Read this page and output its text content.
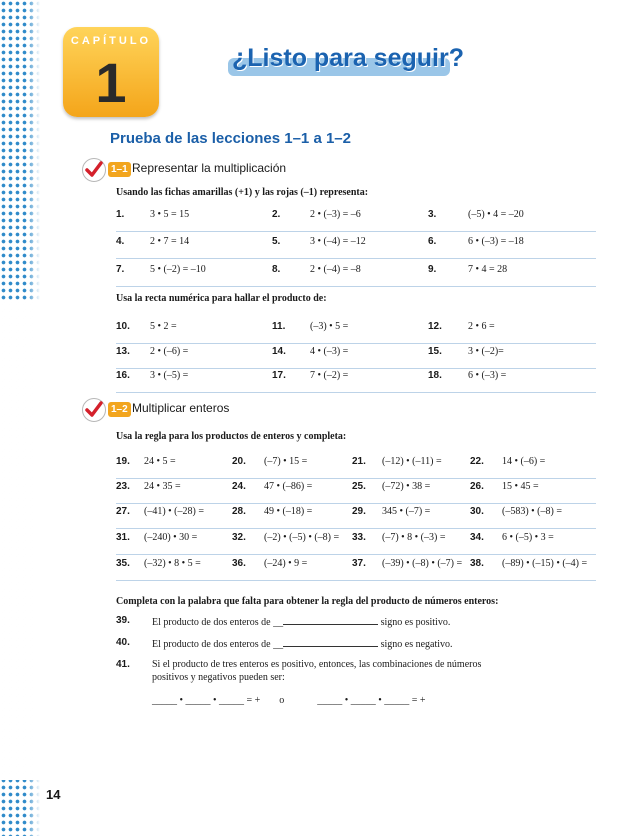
CAPÍTULO
1	¿Listo para seguir?
Prueba de las lecciones 1–1 a 1–2
1–1 Representar la multiplicación
Usando las fichas amarillas (+1) y las rojas (–1) representa:
1.	3 • 5 = 15	2.	2 • (–3) = –6	3.	(–5) • 4 = –20
4.	2 • 7 = 14	5.	3 • (–4) = –12	6.	6 • (–3) = –18
7.	5 • (–2) = –10	8.	2 • (–4) = –8	9.	7 • 4 = 28
10. 5 • 2 =	11. (–3) • 5 =	12.	2 • 6 =
13. 2 • (–6) =	14. 4 • (–3) =	15.	3 • (–2)=
16. 3 • (–5) =	17. 7 • (–2) =	18.	6 • (–3) =
Usa la recta numérica para hallar el producto de:
1–2 Multiplicar enteros
Usa la regla para los productos de enteros y completa:
19. 24 • 5 =	20. (–7) • 15 =	21. (–12) • (–11) =	22. 14 • (–6) =
23. 24 • 35 =	24. 47 • (–86) =	25. (–72) • 38 =	26. 15 • 45 =
27. (–41) • (–28) =	28. 49 • (–18) =	29. 345 • (–7) =	30. (–583) • (–8) =
31. (–240) • 30 =	32. (–2) • (–5) • (–8) = 33. (–7) • 8 • (–3) = 34. 6 • (–5) • 3 =
35. (–32) • 8 • 5 =	36. (–24) • 9 =	37. (–39) • (–8) • (–7) = 38. (–89) • (–15) • (–4) =
Completa con la palabra que falta para obtener la regla del producto de números enteros:
39. El producto de dos enteros de __	signo es positivo.
40. El producto de dos enteros de __	signo es negativo.
41. Si el producto de tres enteros es positivo, entonces, las combinaciones de números
positivos y negativos pueden ser:
_____ • _____ • _____ = + o	_____ • _____ • _____ = +
14
